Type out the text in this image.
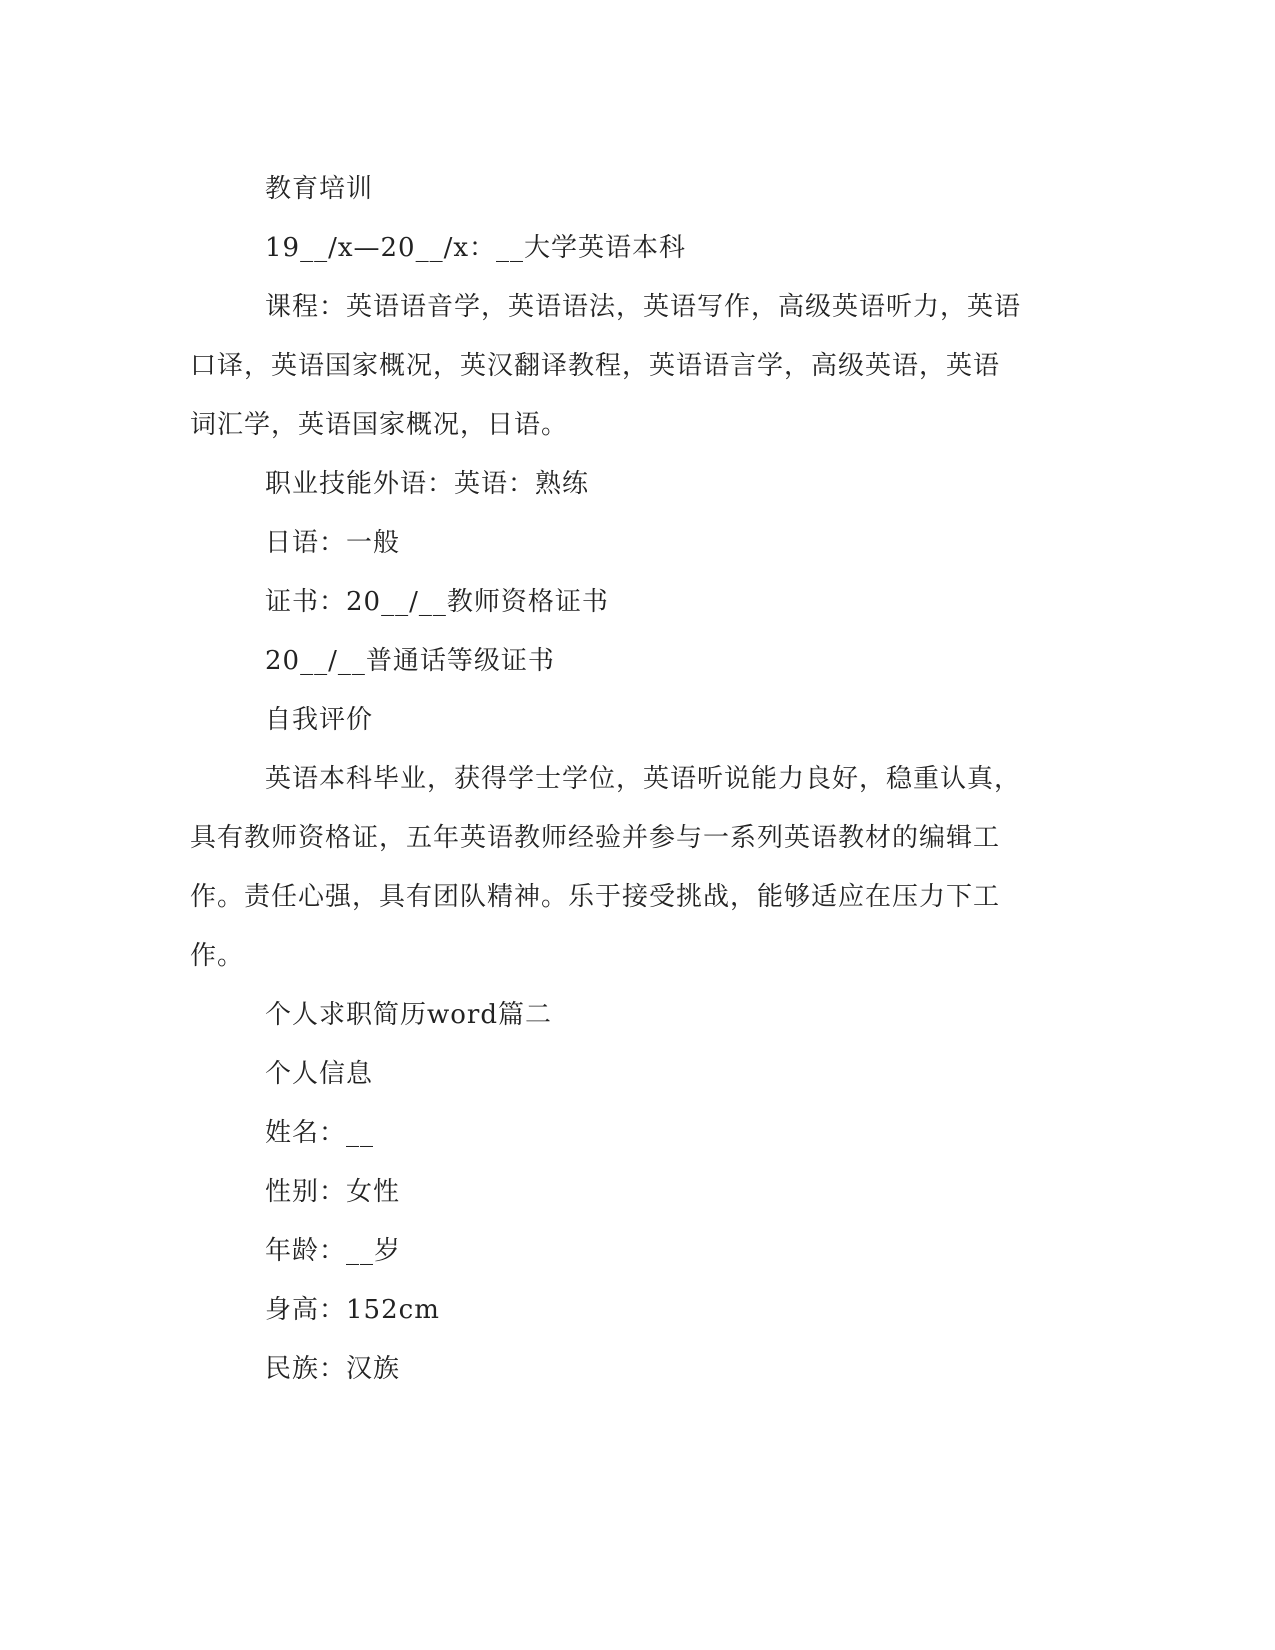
教育培训
19__/x—20__/x：__大学英语本科
课程：英语语音学，英语语法，英语写作，高级英语听力，英语
口译，英语国家概况，英汉翻译教程，英语语言学，高级英语，英语
词汇学，英语国家概况，日语。
职业技能外语：英语：熟练
日语：一般
证书：20__/__教师资格证书
20__/__普通话等级证书
自我评价
英语本科毕业，获得学士学位，英语听说能力良好，稳重认真，
具有教师资格证，五年英语教师经验并参与一系列英语教材的编辑工
作。责任心强，具有团队精神。乐于接受挑战，能够适应在压力下工
作。
个人求职简历word篇二
个人信息
姓名：__
性别：女性
年龄：__岁
身高：152cm
民族：汉族
